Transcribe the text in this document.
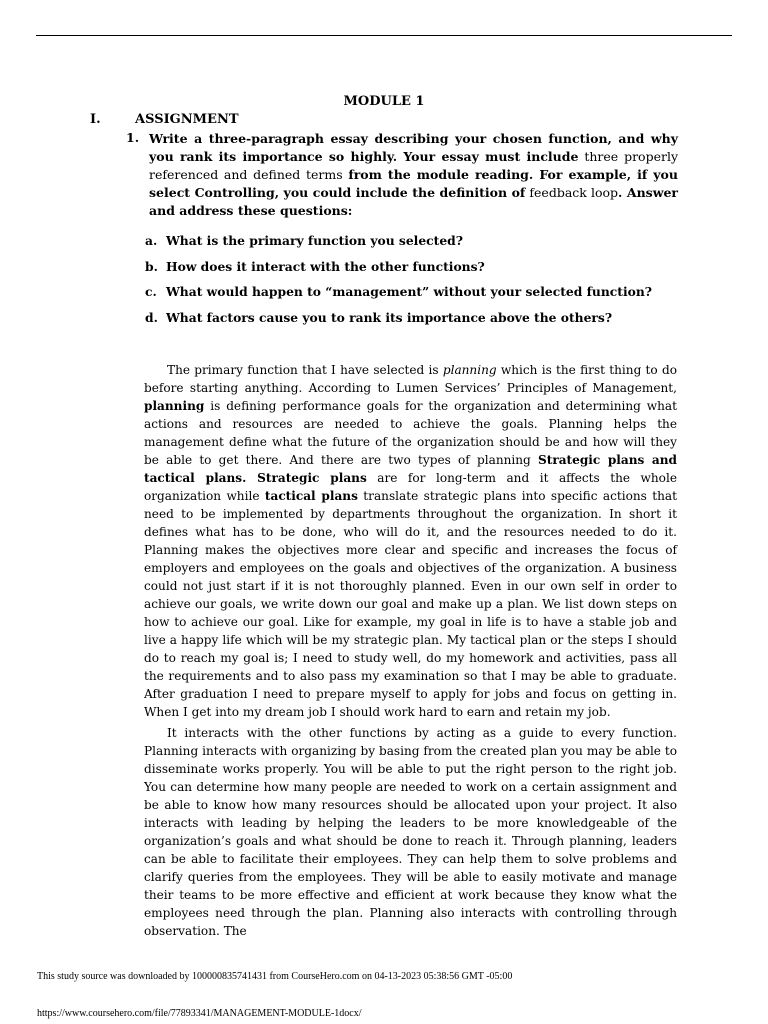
MODULE 1
I.	ASSIGNMENT
1. Write a three-paragraph essay describing your chosen function, and why you rank its importance so highly. Your essay must include three properly referenced and defined terms from the module reading. For example, if you select Controlling, you could include the definition of feedback loop. Answer and address these questions:
a. What is the primary function you selected?
b. How does it interact with the other functions?
c. What would happen to “management” without your selected function?
d. What factors cause you to rank its importance above the others?

The primary function that I have selected is planning which is the first thing to do before starting anything. According to Lumen Services’ Principles of Management, planning is defining performance goals for the organization and determining what actions and resources are needed to achieve the goals. Planning helps the management define what the future of the organization should be and how will they be able to get there. And there are two types of planning Strategic plans and tactical plans. Strategic plans are for long-term and it affects the whole organization while tactical plans translate strategic plans into specific actions that need to be implemented by departments throughout the organization. In short it defines what has to be done, who will do it, and the resources needed to do it. Planning makes the objectives more clear and specific and increases the focus of employers and employees on the goals and objectives of the organization. A business could not just start if it is not thoroughly planned. Even in our own self in order to achieve our goals, we write down our goal and make up a plan. We list down steps on how to achieve our goal. Like for example, my goal in life is to have a stable job and live a happy life which will be my strategic plan. My tactical plan or the steps I should do to reach my goal is; I need to study well, do my homework and activities, pass all the requirements and to also pass my examination so that I may be able to graduate. After graduation I need to prepare myself to apply for jobs and focus on getting in. When I get into my dream job I should work hard to earn and retain my job.

It interacts with the other functions by acting as a guide to every function. Planning interacts with organizing by basing from the created plan you may be able to disseminate works properly. You will be able to put the right person to the right job. You can determine how many people are needed to work on a certain assignment and be able to know how many resources should be allocated upon your project. It also interacts with leading by helping the leaders to be more knowledgeable of the organization’s goals and what should be done to reach it. Through planning, leaders can be able to facilitate their employees. They can help them to solve problems and clarify queries from the employees. They will be able to easily motivate and manage their teams to be more effective and efficient at work because they know what the employees need through the plan. Planning also interacts with controlling through observation. The

This study source was downloaded by 100000835741431 from CourseHero.com on 04-13-2023 05:38:56 GMT -05:00
https://www.coursehero.com/file/77893341/MANAGEMENT-MODULE-1docx/
